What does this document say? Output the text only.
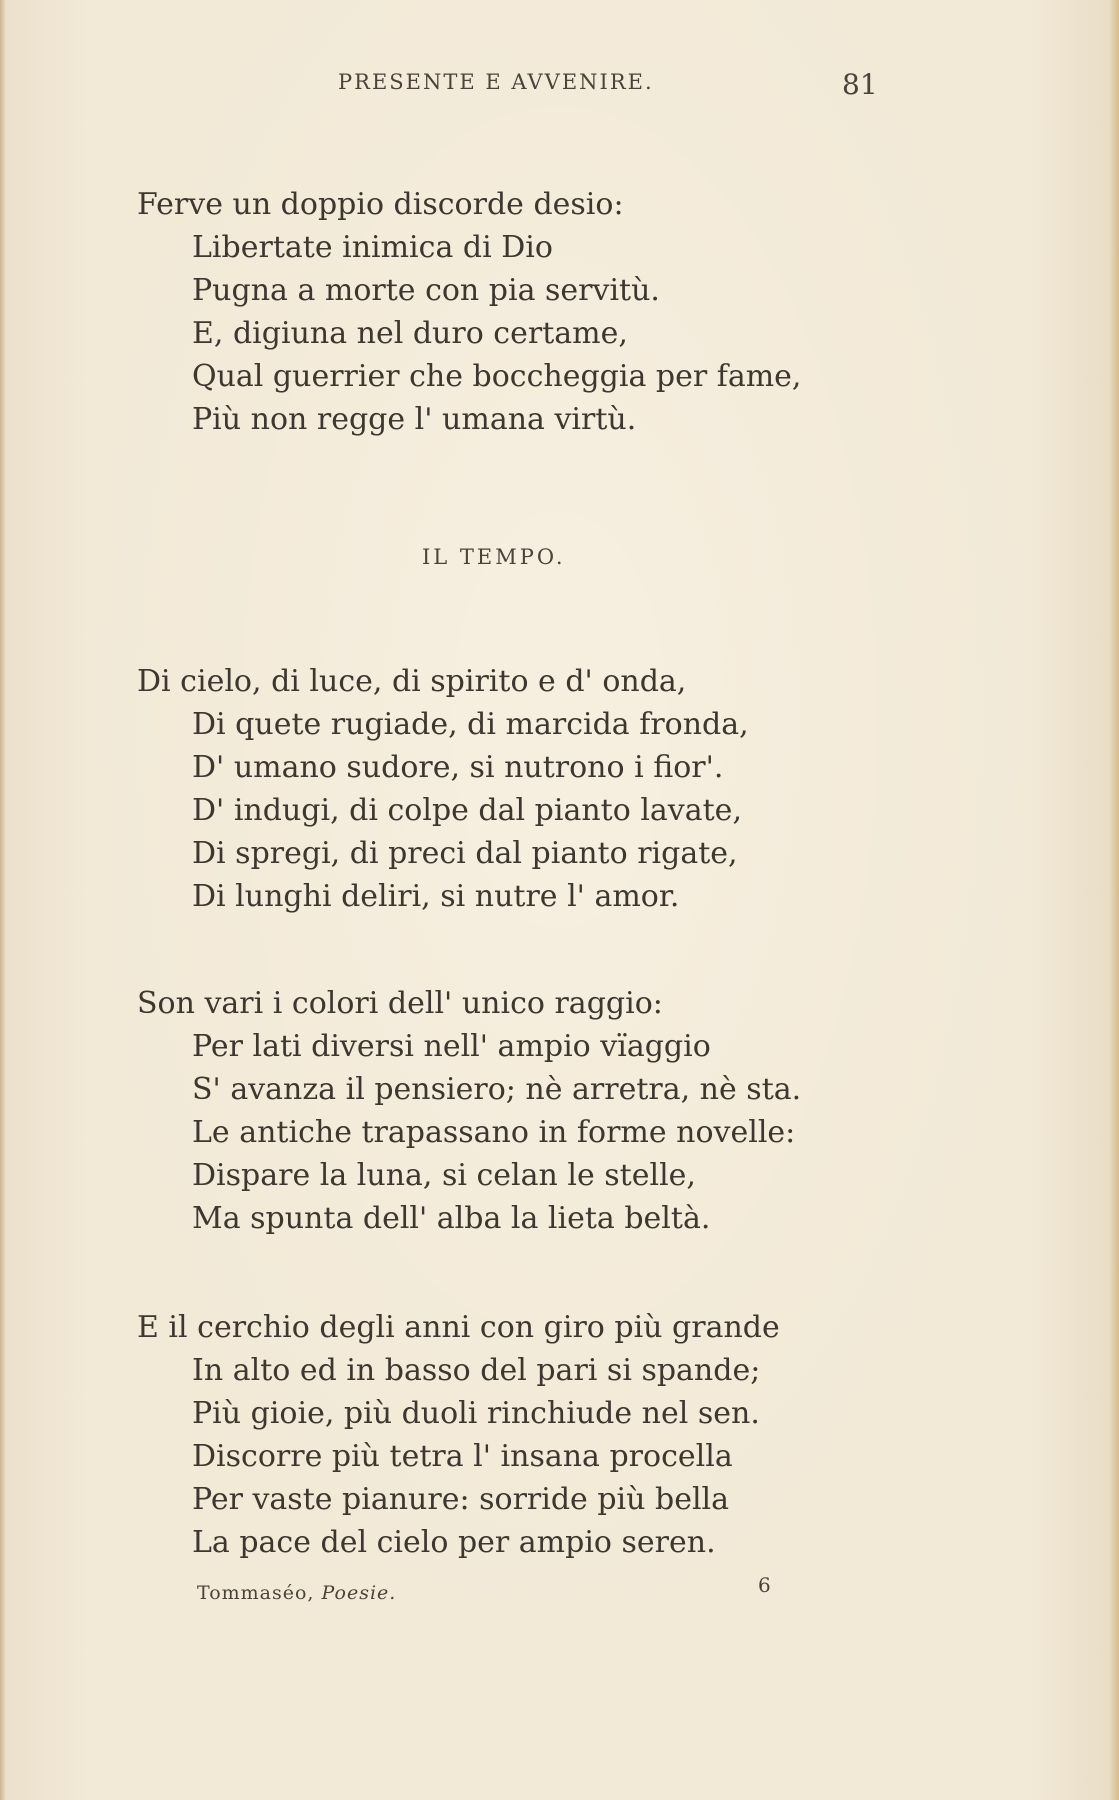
PRESENTE E AVVENIRE.	81
Ferve un doppio discorde desio:
Libertate inimica di Dio
Pugna a morte con pia servitù.
E, digiuna nel duro certame,
Qual guerrier che boccheggia per fame,
Più non regge l' umana virtù.
IL TEMPO.
Di cielo, di luce, di spirito e d' onda,
Di quete rugiade, di marcida fronda,
D' umano sudore, si nutrono i fior'.
D' indugi, di colpe dal pianto lavate,
Di spregi, di preci dal pianto rigate,
Di lunghi deliri, si nutre l' amor.
Son vari i colori dell' unico raggio:
Per lati diversi nell' ampio vïaggio
S' avanza il pensiero; nè arretra, nè sta.
Le antiche trapassano in forme novelle:
Dispare la luna, si celan le stelle,
Ma spunta dell' alba la lieta beltà.
E il cerchio degli anni con giro più grande
In alto ed in basso del pari si spande;
Più gioie, più duoli rinchiude nel sen.
Discorre più tetra l' insana procella
Per vaste pianure: sorride più bella
La pace del cielo per ampio seren.
Tommaséo, Poesie.	6
